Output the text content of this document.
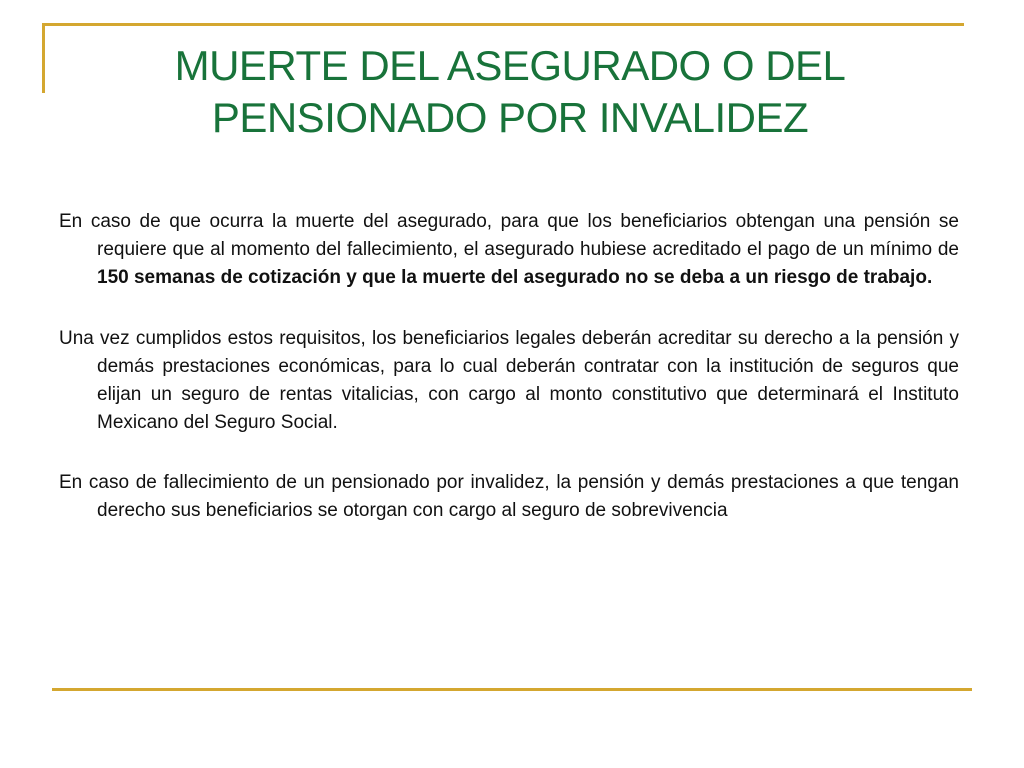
MUERTE DEL ASEGURADO O DEL
PENSIONADO POR INVALIDEZ

En caso de que ocurra la muerte del asegurado, para que los beneficiarios obtengan una pensión se requiere que al momento del fallecimiento, el asegurado hubiese acreditado el pago de un mínimo de 150 semanas de cotización y que la muerte del asegurado no se deba a un riesgo de trabajo.

Una vez cumplidos estos requisitos, los beneficiarios legales deberán acreditar su derecho a la pensión y demás prestaciones económicas, para lo cual deberán contratar con la institución de seguros que elijan un seguro de rentas vitalicias, con cargo al monto constitutivo que determinará el Instituto Mexicano del Seguro Social.

En caso de fallecimiento de un pensionado por invalidez, la pensión y demás prestaciones a que tengan derecho sus beneficiarios se otorgan con cargo al seguro de sobrevivencia
